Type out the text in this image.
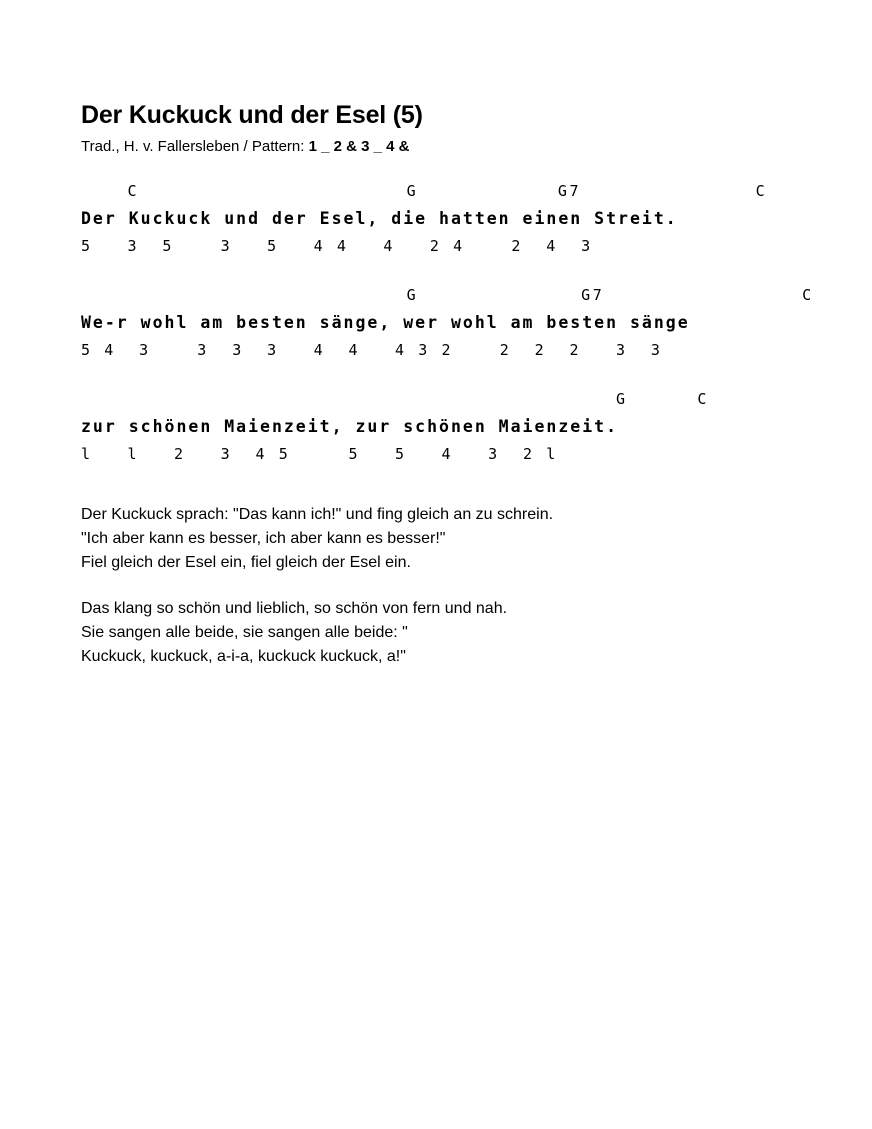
Der Kuckuck und der Esel (5)
Trad., H. v. Fallersleben / Pattern: 1 _ 2 & 3 _ 4 &
C                       G            G7               C
Der Kuckuck und der Esel, die hatten einen Streit.
5   3  5    3   5   4 4   4   2 4    2  4  3
G              G7                 C
We-r wohl am besten sänge, wer wohl am besten sänge
5 4  3    3  3  3   4  4   4 3 2    2  2  2   3  3
G      C
zur schönen Maienzeit, zur schönen Maienzeit.
l   l   2   3  4 5     5   5   4   3  2 l
Der Kuckuck sprach: "Das kann ich!" und fing gleich an zu schrein.
"Ich aber kann es besser, ich aber kann es besser!"
Fiel gleich der Esel ein, fiel gleich der Esel ein.
Das klang so schön und lieblich, so schön von fern und nah.
Sie sangen alle beide, sie sangen alle beide: "
Kuckuck, kuckuck, a-i-a, kuckuck kuckuck, a!"
